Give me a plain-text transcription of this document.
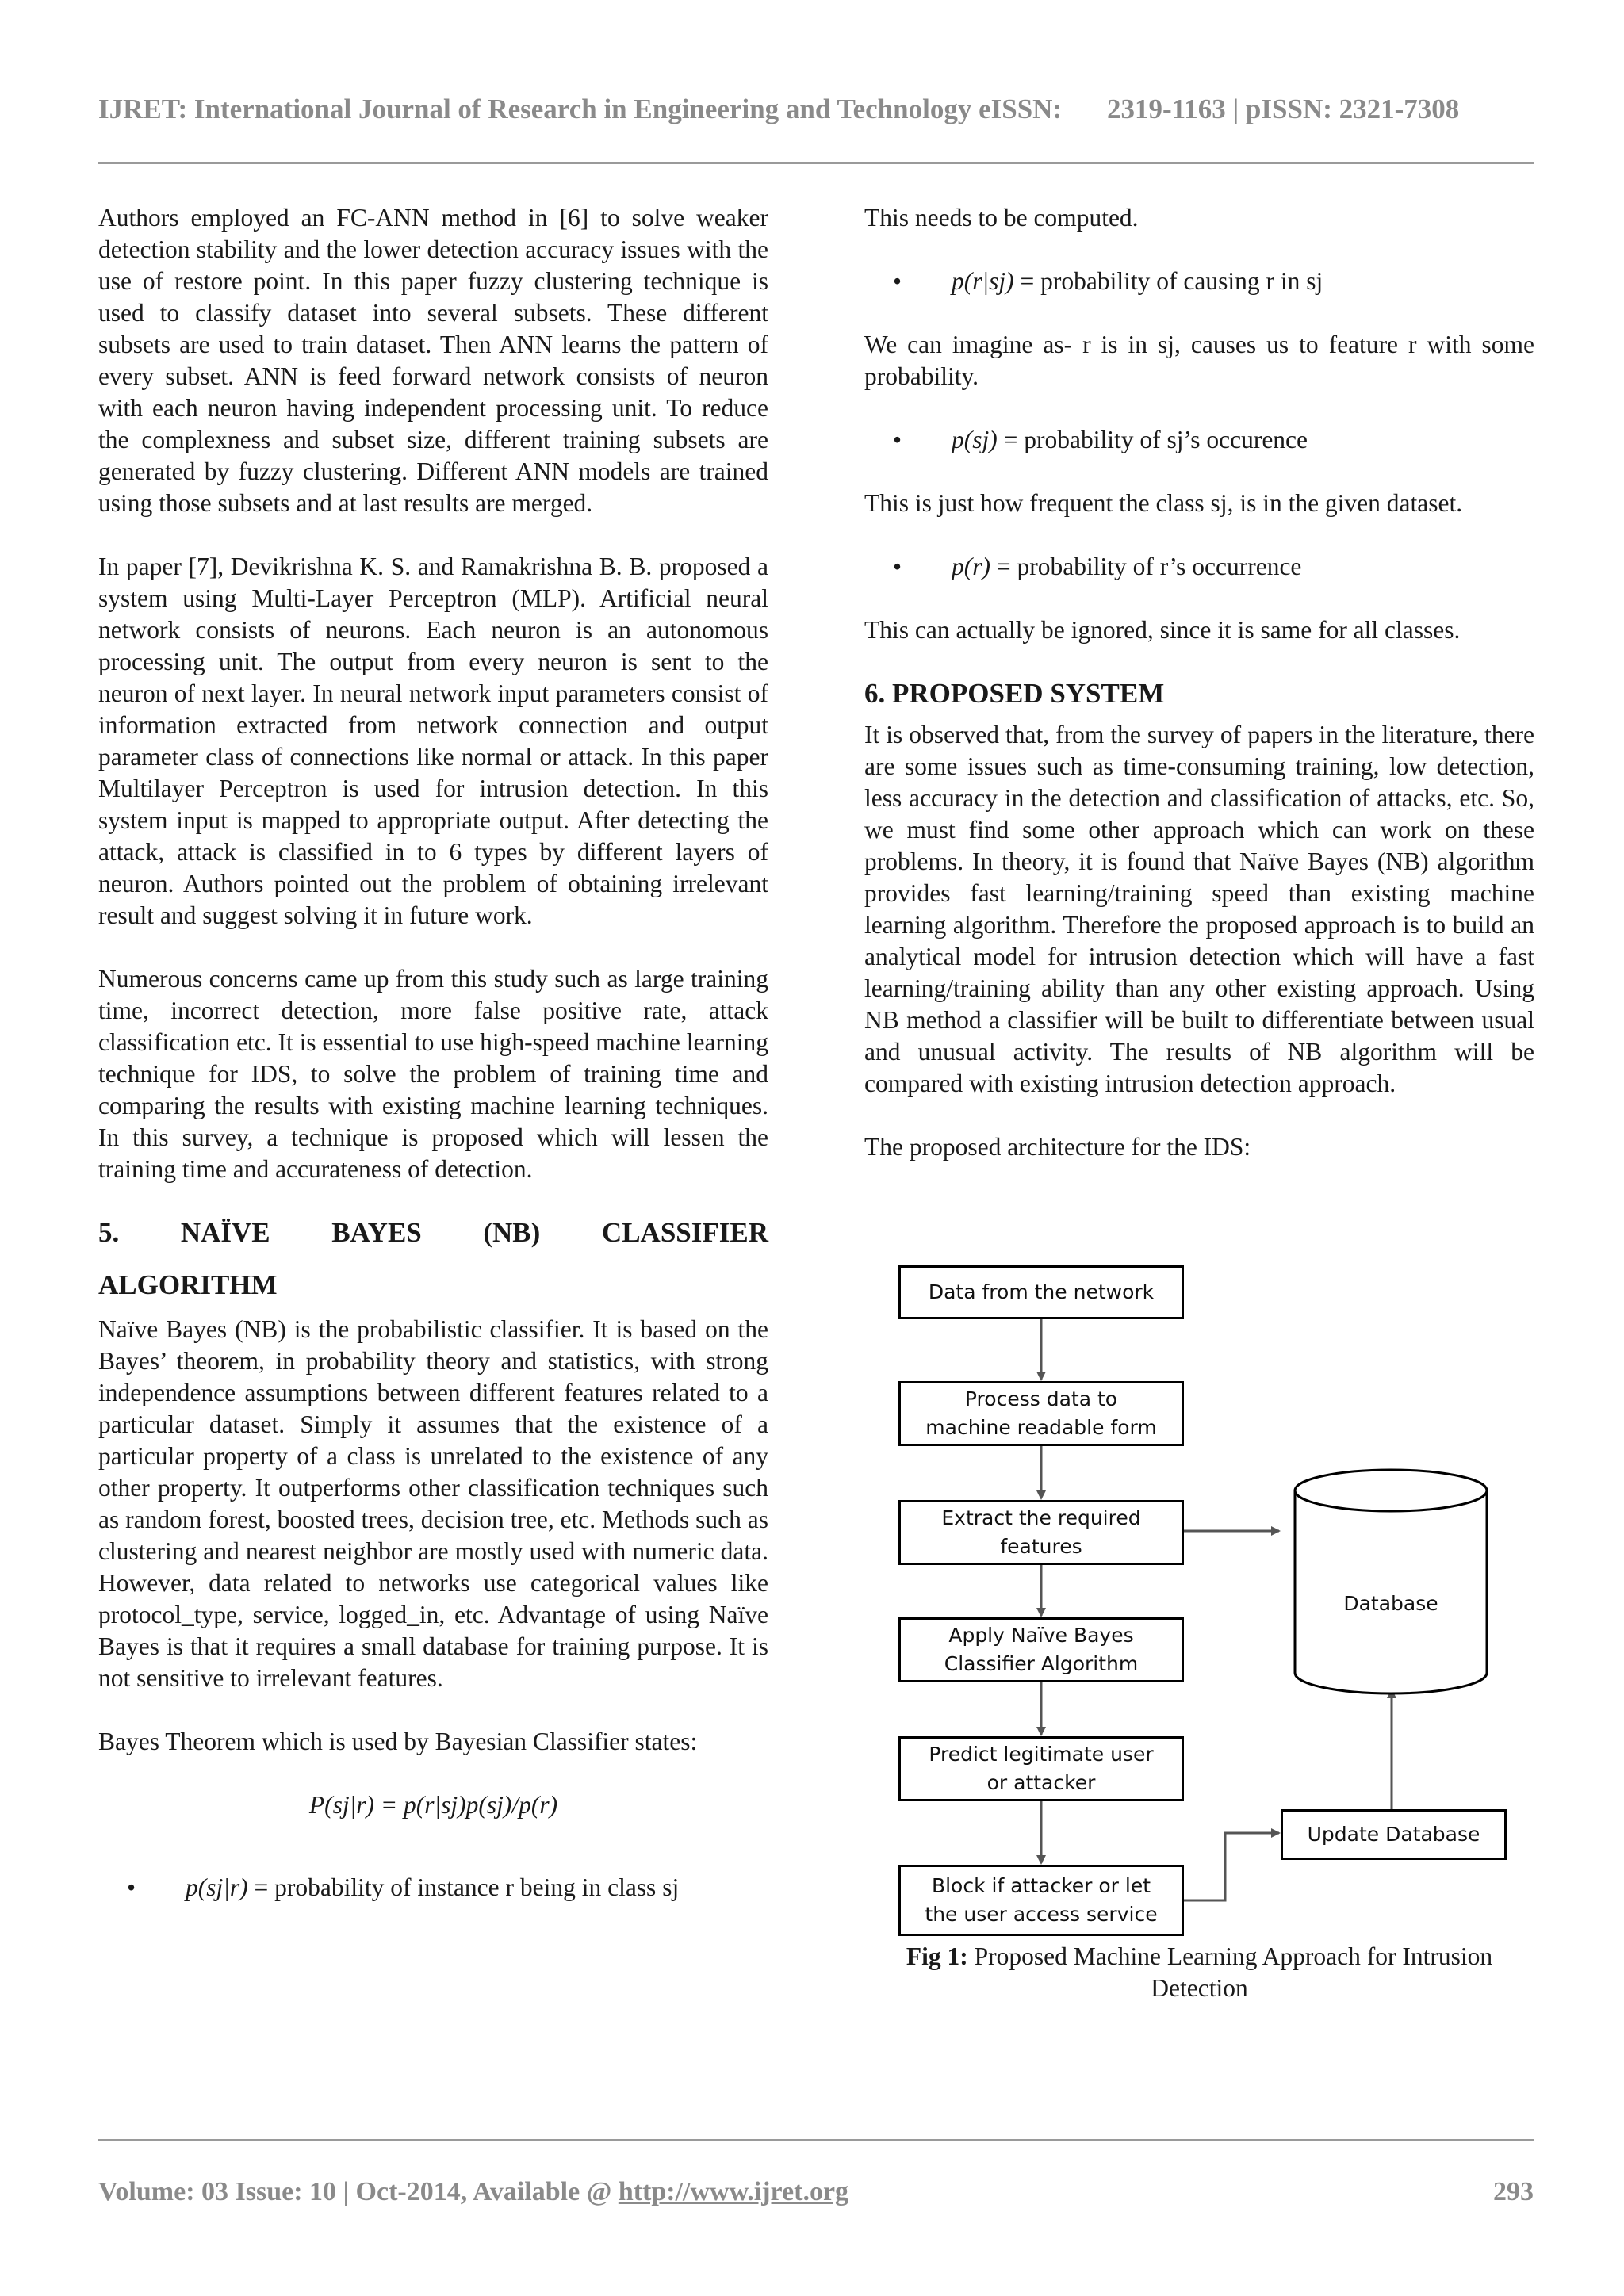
IJRET: International Journal of Research in Engineering and Technology eISSN: 2319-1163 | pISSN: 2321-7308

Authors employed an FC-ANN method in [6] to solve weaker detection stability and the lower detection accuracy issues with the use of restore point. In this paper fuzzy clustering technique is used to classify dataset into several subsets. These different subsets are used to train dataset. Then ANN learns the pattern of every subset. ANN is feed forward network consists of neuron with each neuron having independent processing unit. To reduce the complexness and subset size, different training subsets are generated by fuzzy clustering. Different ANN models are trained using those subsets and at last results are merged.

In paper [7], Devikrishna K. S. and Ramakrishna B. B. proposed a system using Multi-Layer Perceptron (MLP). Artificial neural network consists of neurons. Each neuron is an autonomous processing unit. The output from every neuron is sent to the neuron of next layer. In neural network input parameters consist of information extracted from network connection and output parameter class of connections like normal or attack. In this paper Multilayer Perceptron is used for intrusion detection. In this system input is mapped to appropriate output. After detecting the attack, attack is classified in to 6 types by different layers of neuron. Authors pointed out the problem of obtaining irrelevant result and suggest solving it in future work.

Numerous concerns came up from this study such as large training time, incorrect detection, more false positive rate, attack classification etc. It is essential to use high-speed machine learning technique for IDS, to solve the problem of training time and comparing the results with existing machine learning techniques. In this survey, a technique is proposed which will lessen the training time and accurateness of detection.

5. NAÏVE BAYES (NB) CLASSIFIER
ALGORITHM

Naïve Bayes (NB) is the probabilistic classifier. It is based on the Bayes’ theorem, in probability theory and statistics, with strong independence assumptions between different features related to a particular dataset. Simply it assumes that the existence of a particular property of a class is unrelated to the existence of any other property. It outperforms other classification techniques such as random forest, boosted trees, decision tree, etc. Methods such as clustering and nearest neighbor are mostly used with numeric data. However, data related to networks use categorical values like protocol_type, service, logged_in, etc. Advantage of using Naïve Bayes is that it requires a small database for training purpose. It is not sensitive to irrelevant features.

Bayes Theorem which is used by Bayesian Classifier states:

P(sj|r) = p(r|sj)p(sj)/p(r)

• p(sj|r) = probability of instance r being in class sj

This needs to be computed.

• p(r|sj) = probability of causing r in sj

We can imagine as- r is in sj, causes us to feature r with some probability.

• p(sj) = probability of sj’s occurence

This is just how frequent the class sj, is in the given dataset.

• p(r) = probability of r’s occurrence

This can actually be ignored, since it is same for all classes.

6. PROPOSED SYSTEM

It is observed that, from the survey of papers in the literature, there are some issues such as time-consuming training, low detection, less accuracy in the detection and classification of attacks, etc. So, we must find some other approach which can work on these problems. In theory, it is found that Naïve Bayes (NB) algorithm provides fast learning/training speed than existing machine learning algorithm. Therefore the proposed approach is to build an analytical model for intrusion detection which will have a fast learning/training ability than any other existing approach. Using NB method a classifier will be built to differentiate between usual and unusual activity. The results of NB algorithm will be compared with existing intrusion detection approach.

The proposed architecture for the IDS:

Data from the network
Process data to
machine readable form
Extract the required
features
Apply Naïve Bayes
Classifier Algorithm
Predict legitimate user
or attacker
Block if attacker or let
the user access service
Update Database
Database
Fig 1: Proposed Machine Learning Approach for Intrusion Detection
Volume: 03 Issue: 10 | Oct-2014, Available @ http://www.ijret.org	293
